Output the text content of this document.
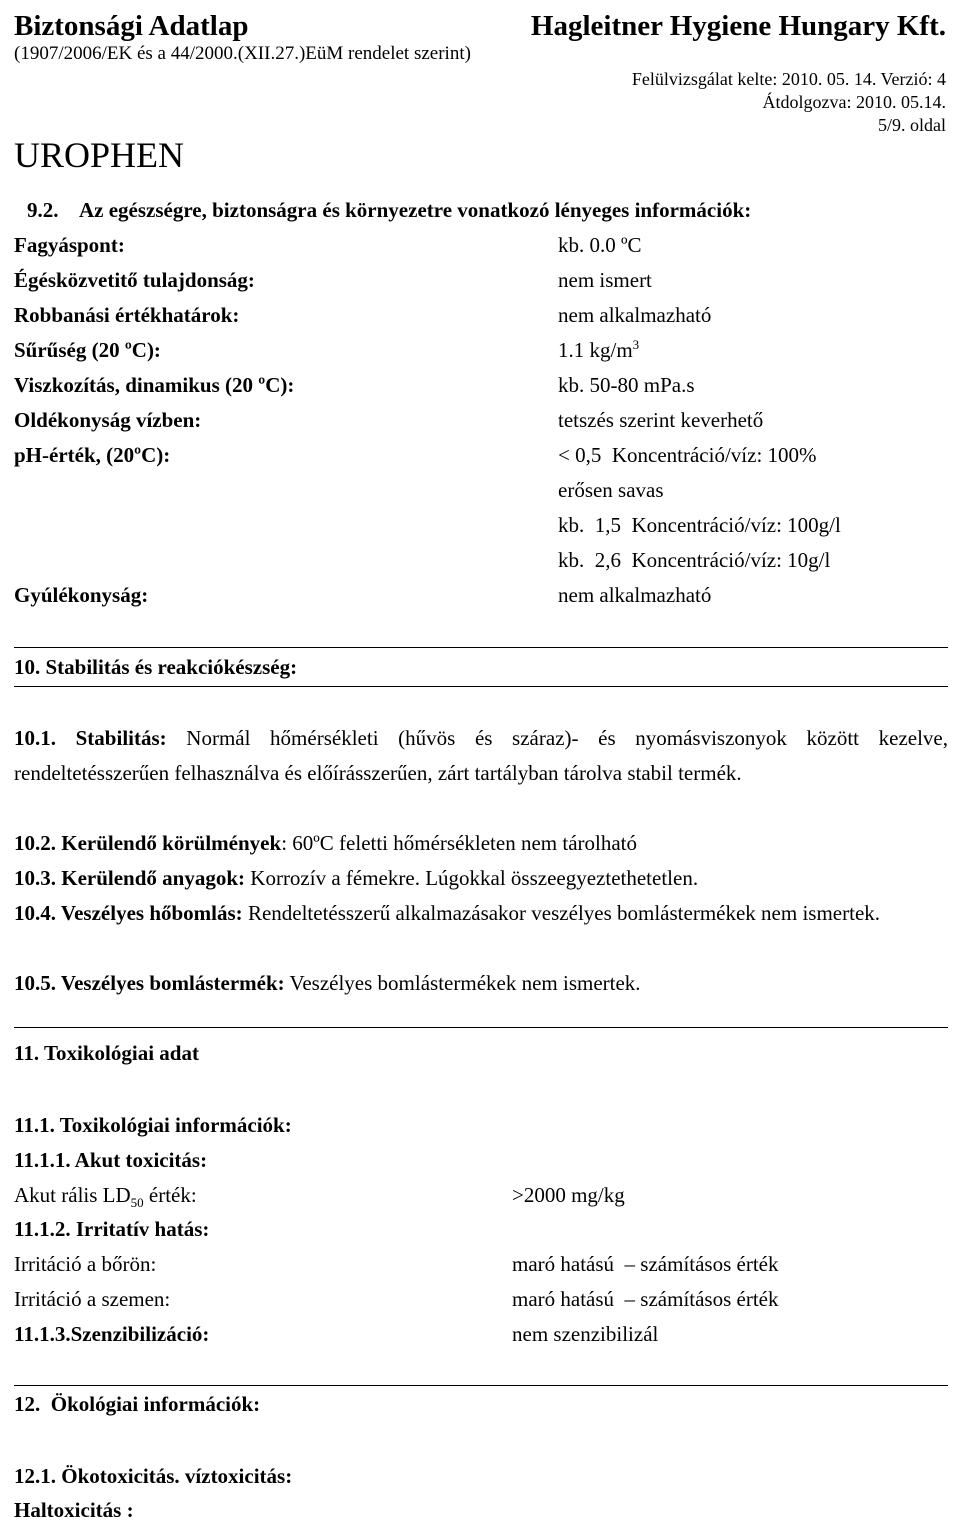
Biztonsági Adatlap
(1907/2006/EK és a 44/2000.(XII.27.)EüM rendelet szerint)
Hagleitner Hygiene Hungary Kft.
Felülvizsgálat kelte: 2010. 05. 14. Verzió: 4
Átdolgozva: 2010. 05.14.
5/9. oldal
UROPHEN
9.2. Az egészségre, biztonságra és környezetre vonatkozó lényeges információk:
Fagyáspont:	kb. 0.0 ºC
Égésközvetitő tulajdonság:	nem ismert
Robbanási értékhatárok:	nem alkalmazható
Sűrűség (20 ºC):	1.1 $kg/m^3$
Viszkozítás, dinamikus (20 ºC):	kb. 50-80 mPa.s
Oldékonyság vízben:	tetszés szerint keverhető
pH-érték, (20ºC):	< 0,5  Koncentráció/víz: 100%
erősen savas
kb.  1,5  Koncentráció/víz: 100g/l
kb.  2,6  Koncentráció/víz: 10g/l
Gyúlékonyság:	nem alkalmazható
10. Stabilitás és reakciókészség:
10.1. Stabilitás: Normál hőmérsékleti (hűvös és száraz)- és nyomásviszonyok között kezelve, rendeltetésszerűen felhasználva és előírásszerűen, zárt tartályban tárolva stabil termék.
10.2. Kerülendő körülmények: 60ºC feletti hőmérsékleten nem tárolható
10.3. Kerülendő anyagok: Korrozív a fémekre. Lúgokkal összeegyeztethetetlen.
10.4. Veszélyes hőbomlás: Rendeltetésszerű alkalmazásakor veszélyes bomlástermékek nem ismertek.
10.5. Veszélyes bomlástermék: Veszélyes bomlástermékek nem ismertek.
11. Toxikológiai adat
11.1. Toxikológiai információk:
11.1.1. Akut toxicitás:
Akut rális $LD_{50}$ érték:	>2000 mg/kg
11.1.2. Irritatív hatás:
Irritáció a bőrön:	maró hatású  – számításos érték
Irritáció a szemen:	maró hatású  – számításos érték
11.1.3.Szenzibilizáció:	nem szenzibilizál
12.  Ökológiai információk:
12.1. Ökotoxicitás. víztoxicitás:
Haltoxicitás :
